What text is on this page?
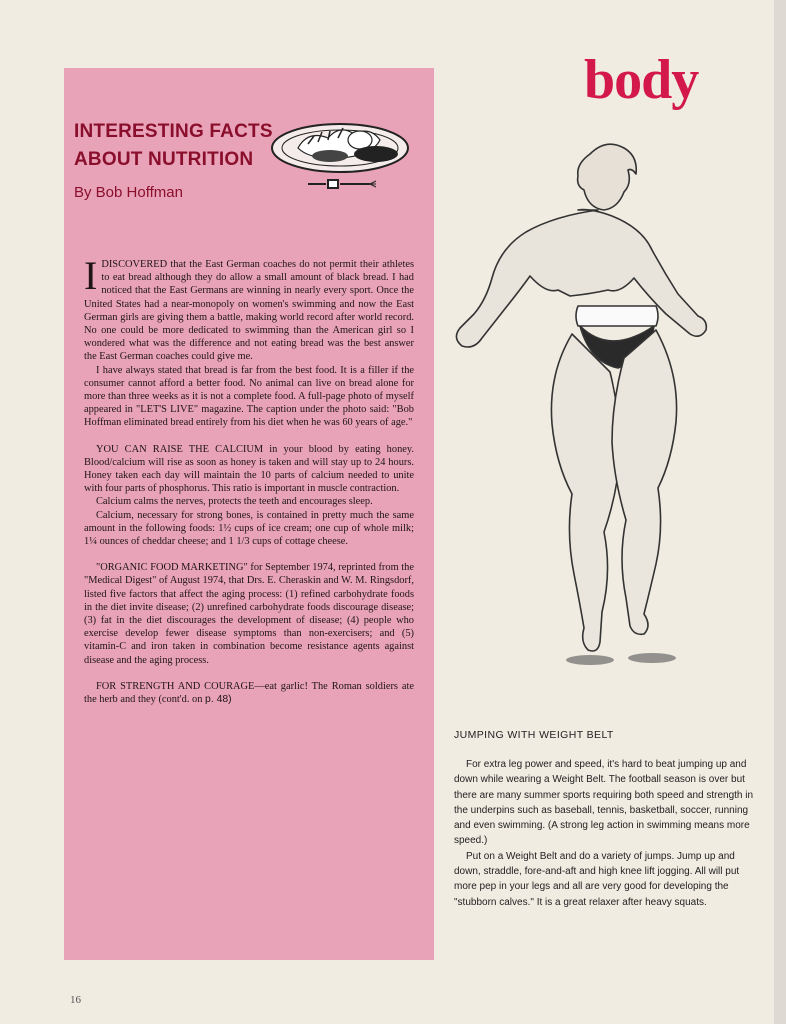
body
INTERESTING FACTS
ABOUT NUTRITION
By Bob Hoffman

IDISCOVERED that the East German coaches do not permit their athletes to eat bread although they do allow a small amount of black bread. I had noticed that the East Germans are winning in nearly every sport. Once the United States had a near-monopoly on women's swimming and now the East German girls are giving them a battle, making world record after world record. No one could be more dedicated to swimming than the American girl so I wondered what was the difference and not eating bread was the best answer the East German coaches could give me.

I have always stated that bread is far from the best food. It is a filler if the consumer cannot afford a better food. No animal can live on bread alone for more than three weeks as it is not a complete food. A full-page photo of myself appeared in "LET'S LIVE" magazine. The caption under the photo said: "Bob Hoffman eliminated bread entirely from his diet when he was 60 years of age."

YOU CAN RAISE THE CALCIUM in your blood by eating honey. Blood/calcium will rise as soon as honey is taken and will stay up to 24 hours. Honey taken each day will maintain the 10 parts of calcium needed to unite with four parts of phosphorus. This ratio is important in muscle contraction.

Calcium calms the nerves, protects the teeth and encourages sleep.

Calcium, necessary for strong bones, is contained in pretty much the same amount in the following foods: 1½ cups of ice cream; one cup of whole milk; 1¼ ounces of cheddar cheese; and 1 1/3 cups of cottage cheese.

"ORGANIC FOOD MARKETING" for September 1974, reprinted from the "Medical Digest" of August 1974, that Drs. E. Cheraskin and W. M. Ringsdorf, listed five factors that affect the aging process: (1) refined carbohydrate foods in the diet invite disease; (2) unrefined carbohydrate foods discourage disease; (3) fat in the diet discourages the development of disease; (4) people who exercise develop fewer disease symptoms than non-exercisers; and (5) vitamin-C and iron taken in combination become resistance agents against disease and the aging process.

FOR STRENGTH AND COURAGE—eat garlic! The Roman soldiers ate the herb and they (cont'd. on p. 48)

JUMPING WITH WEIGHT BELT

For extra leg power and speed, it's hard to beat jumping up and down while wearing a Weight Belt. The football season is over but there are many summer sports requiring both speed and strength in the underpins such as baseball, tennis, basketball, soccer, running and even swimming. (A strong leg action in swimming means more speed.)

Put on a Weight Belt and do a variety of jumps. Jump up and down, straddle, fore-and-aft and high knee lift jogging. All will put more pep in your legs and all are very good for developing the "stubborn calves." It is a great relaxer after heavy squats.

16
